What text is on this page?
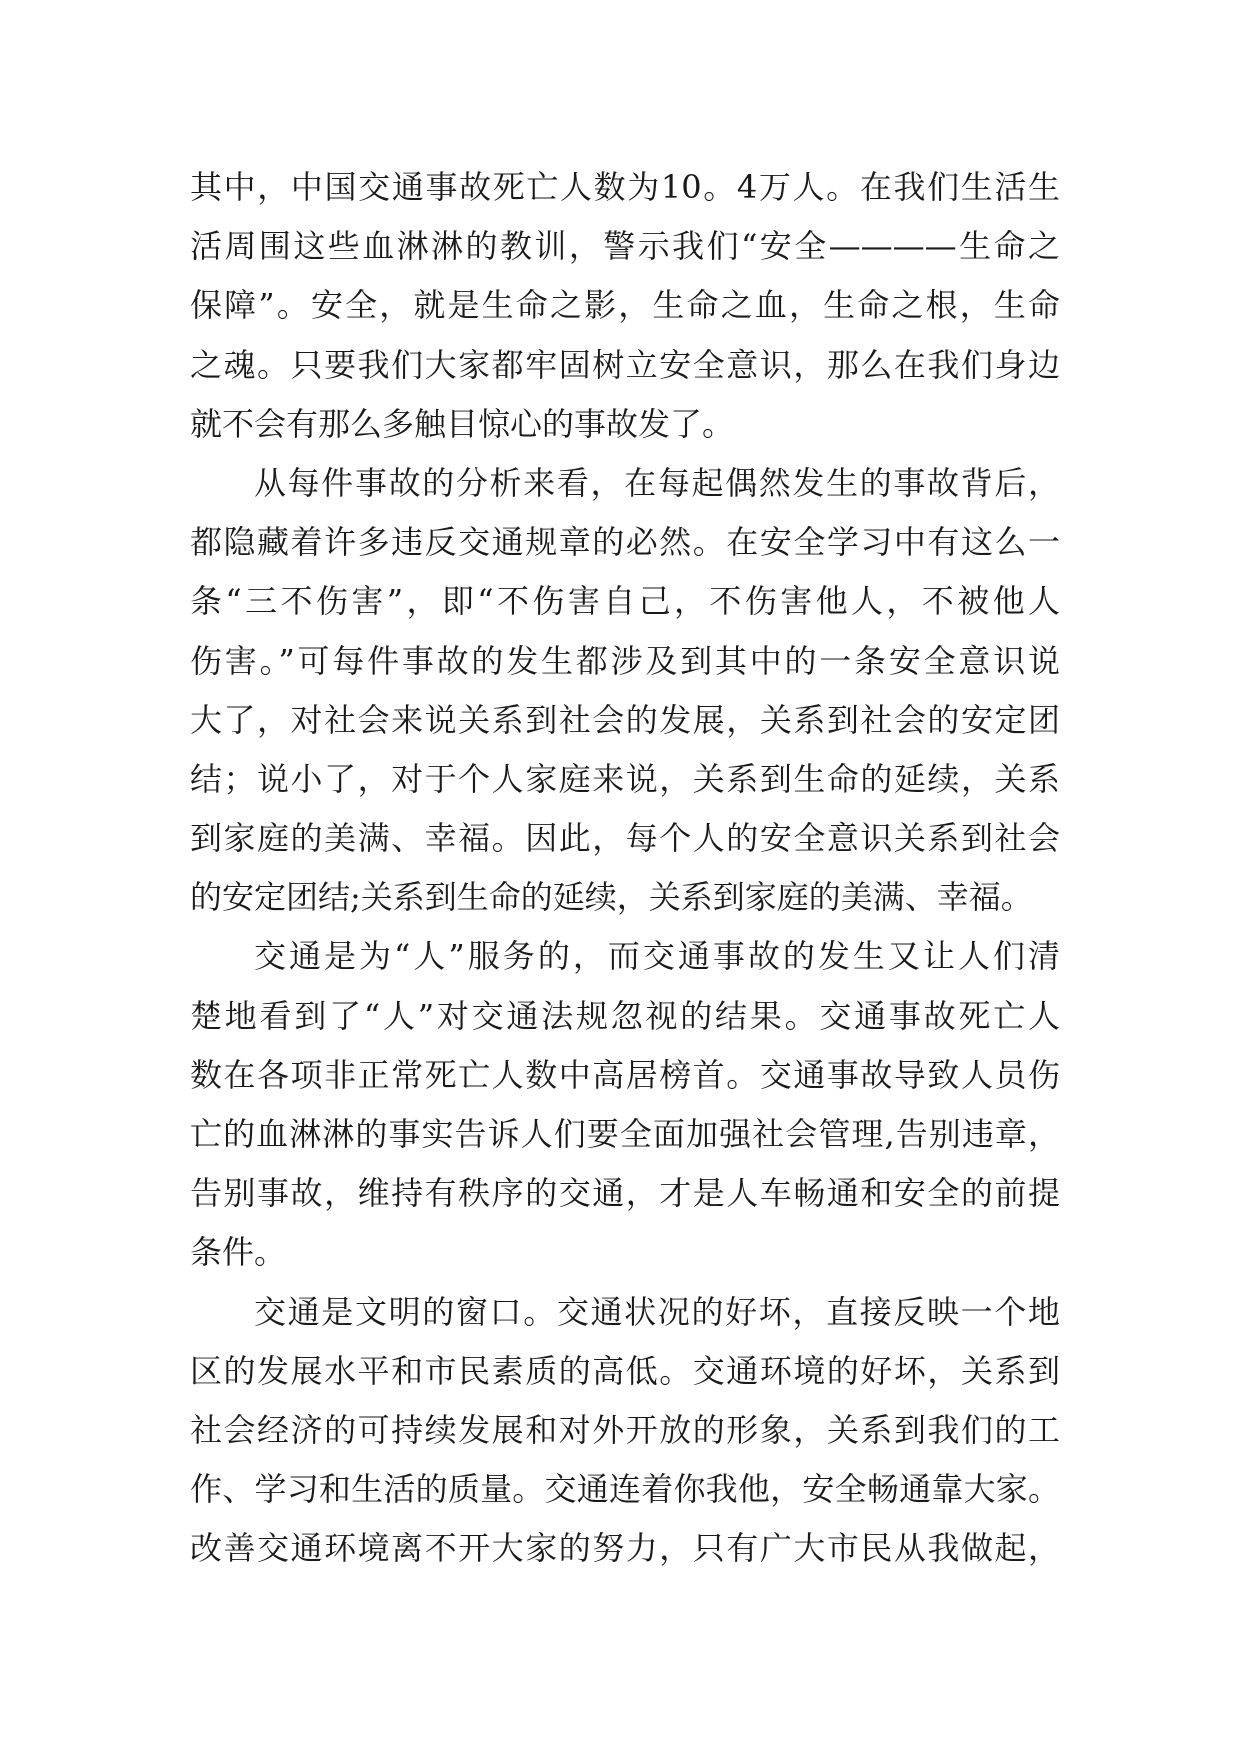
其中，中国交通事故死亡人数为10。4万人。在我们生活生
活周围这些血淋淋的教训，警示我们“安全————生命之
保障”。安全，就是生命之影，生命之血，生命之根，生命
之魂。只要我们大家都牢固树立安全意识，那么在我们身边
就不会有那么多触目惊心的事故发了。
从每件事故的分析来看，在每起偶然发生的事故背后，
都隐藏着许多违反交通规章的必然。在安全学习中有这么一
条“三不伤害”，即“不伤害自己，不伤害他人，不被他人
伤害。”可每件事故的发生都涉及到其中的一条安全意识说
大了，对社会来说关系到社会的发展，关系到社会的安定团
结；说小了，对于个人家庭来说，关系到生命的延续，关系
到家庭的美满、幸福。因此，每个人的安全意识关系到社会
的安定团结;关系到生命的延续，关系到家庭的美满、幸福。
交通是为“人”服务的，而交通事故的发生又让人们清
楚地看到了“人”对交通法规忽视的结果。交通事故死亡人
数在各项非正常死亡人数中高居榜首。交通事故导致人员伤
亡的血淋淋的事实告诉人们要全面加强社会管理,告别违章，
告别事故，维持有秩序的交通，才是人车畅通和安全的前提
条件。
交通是文明的窗口。交通状况的好坏，直接反映一个地
区的发展水平和市民素质的高低。交通环境的好坏，关系到
社会经济的可持续发展和对外开放的形象，关系到我们的工
作、学习和生活的质量。交通连着你我他，安全畅通靠大家。
改善交通环境离不开大家的努力，只有广大市民从我做起，
